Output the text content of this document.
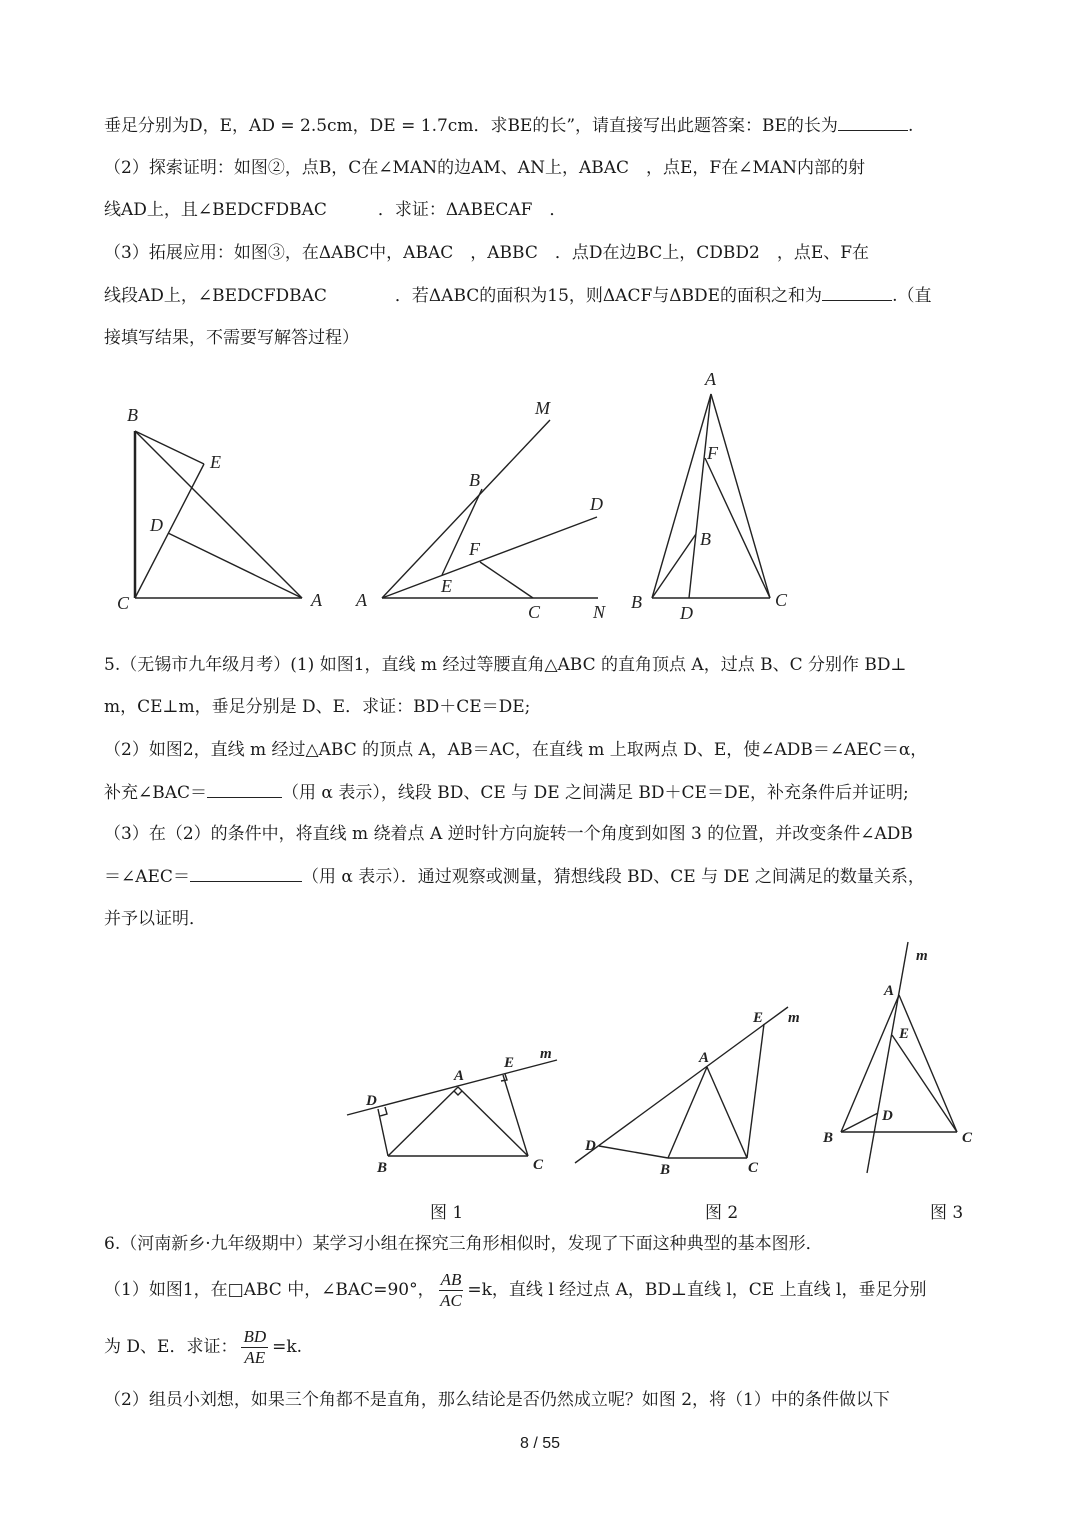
垂足分别为D，E，AD = 2.5cm，DE = 1.7cm．求BE的长”，请直接写出此题答案：BE的长为	.
（2）探索证明：如图②，点B，C在∠MAN的边AM、AN上，ABAC　，点E，F在∠MAN内部的射
线AD上，且∠BEDCFDBAC　　　．求证：ΔABECAF　．
（3）拓展应用：如图③，在ΔABC中，ABAC　，ABBC　．点D在边BC上，CDBD2　，点E、F在
线段AD上，∠BEDCFDBAC　　　　．若ΔABC的面积为15，则ΔACF与ΔBDE的面积之和为	.（直
接填写结果，不需要写解答过程）
B
E
D
C	A
M
B
D
F
E
A
C	N
A
F
B
B
D
C
5.（无锡市九年级月考）(1) 如图1，直线 m 经过等腰直角△ABC 的直角顶点 A，过点 B、C 分别作 BD⊥
m，CE⊥m，垂足分别是 D、E．求证：BD＋CE＝DE;
（2）如图2，直线 m 经过△ABC 的顶点 A，AB＝AC，在直线 m 上取两点 D、E，使∠ADB＝∠AEC＝α，
补充∠BAC＝	（用 α 表示），线段 BD、CE 与 DE 之间满足 BD＋CE＝DE，补充条件后并证明;
（3）在（2）的条件中，将直线 m 绕着点 A 逆时针方向旋转一个角度到如图 3 的位置，并改变条件∠ADB
＝∠AEC＝	（用 α 表示）．通过观察或测量，猜想线段 BD、CE 与 DE 之间满足的数量关系，
并予以证明．
D
A
E
m
B	C
图 1
E m
A
D
B	C
图 2
m
A
E
D
B	C
图 3
6.（河南新乡·九年级期中）某学习小组在探究三角形相似时，发现了下面这种典型的基本图形．
（1）如图1，在□ABC 中，∠BAC=90°， $\frac{AB}{AC} =k$，直线 l 经过点 A，BD⊥直线 l，CE 上直线 l，垂足分别
为 D、E．求证： $\frac{BD}{AE} =k$.
（2）组员小刘想，如果三个角都不是直角，那么结论是否仍然成立呢？如图 2，将（1）中的条件做以下
8 / 55
